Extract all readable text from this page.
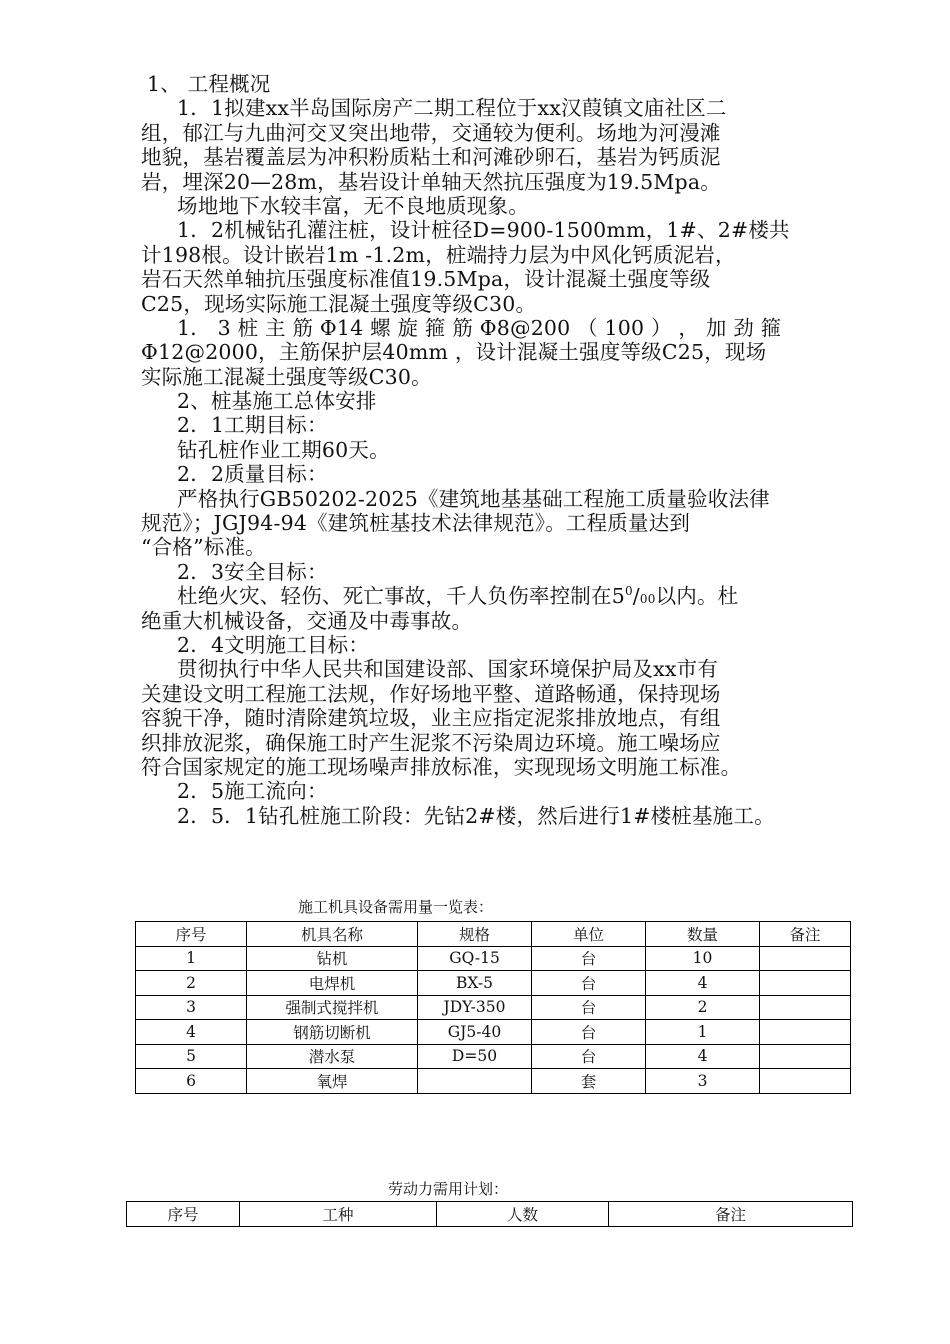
1、 工程概况
1．1拟建xx半岛国际房产二期工程位于xx汉葭镇文庙社区二
组，郁江与九曲河交叉突出地带，交通较为便利。场地为河漫滩
地貌，基岩覆盖层为冲积粉质粘土和河滩砂卵石，基岩为钙质泥
岩，埋深20—28m，基岩设计单轴天然抗压强度为19.5Mpa。
场地地下水较丰富，无不良地质现象。
1．2机械钻孔灌注桩，设计桩径D=900-1500mm，1#、2#楼共
计198根。设计嵌岩1m -1.2m，桩端持力层为中风化钙质泥岩，
岩石天然单轴抗压强度标准值19.5Mpa，设计混凝土强度等级
C25，现场实际施工混凝土强度等级C30。
1． 3 桩 主 筋 Φ14 螺 旋 箍 筋 Φ8@200 （ 100 ） ， 加 劲 箍
Φ12@2000，主筋保护层40mm ，设计混凝土强度等级C25，现场
实际施工混凝土强度等级C30。
2、桩基施工总体安排
2．1工期目标：
钻孔桩作业工期60天。
2．2质量目标：
严格执行GB50202-2025《建筑地基基础工程施工质量验收法律
规范》；JGJ94-94《建筑桩基技术法律规范》。工程质量达到
“合格”标准。
2．3安全目标：
杜绝火灾、轻伤、死亡事故，千人负伤率控制在$5^0/00$以内。杜
绝重大机械设备，交通及中毒事故。
2．4文明施工目标：
贯彻执行中华人民共和国建设部、国家环境保护局及xx市有
关建设文明工程施工法规，作好场地平整、道路畅通，保持现场
容貌干净，随时清除建筑垃圾，业主应指定泥浆排放地点，有组
织排放泥浆，确保施工时产生泥浆不污染周边环境。施工噪场应
符合国家规定的施工现场噪声排放标准，实现现场文明施工标准。
2．5施工流向：
2．5．1钻孔桩施工阶段：先钻2#楼，然后进行1#楼桩基施工。
施工机具设备需用量一览表：
序号	机具名称	规格	单位	数量	备注
1	钻机	GQ-15	台	10	
2	电焊机	BX-5	台	4	
3	强制式搅拌机	JDY-350	台	2	
4	钢筋切断机	GJ5-40	台	1	
5	潜水泵	D=50	台	4	
6	氧焊		套	3	
劳动力需用计划：
序号	工种	人数	备注
